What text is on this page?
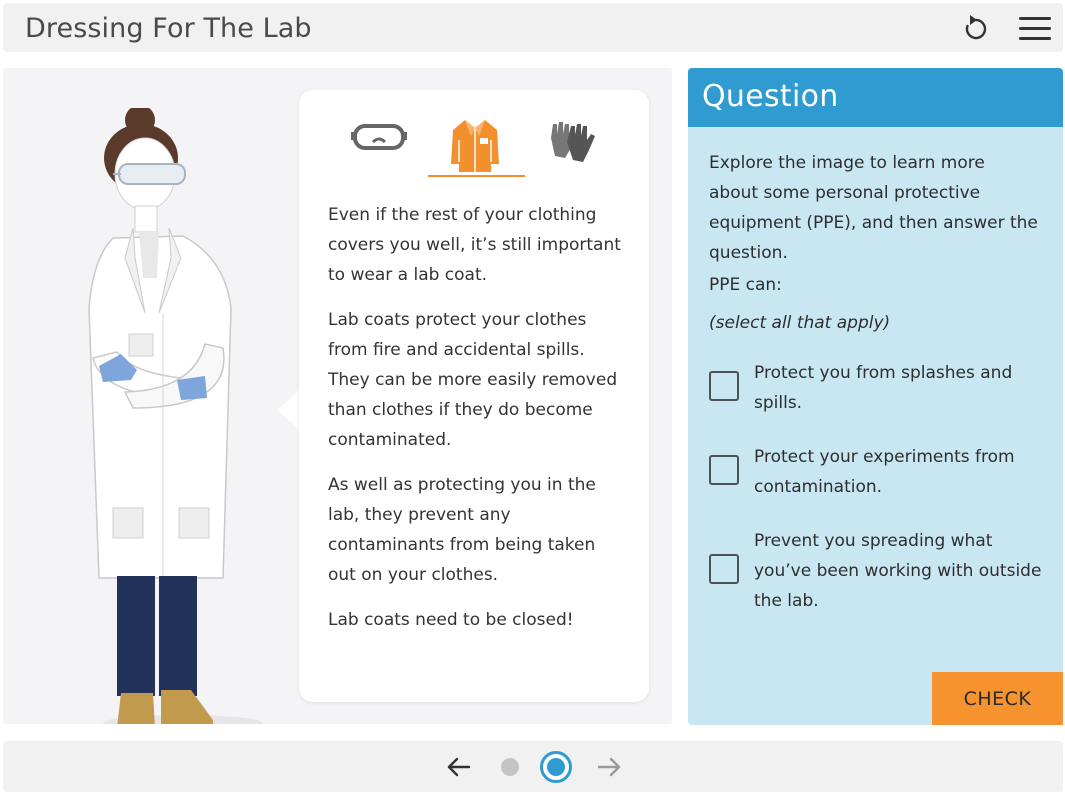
Dressing For The Lab

Even if the rest of your clothing covers you well, it’s still important to wear a lab coat.

Lab coats protect your clothes from fire and accidental spills. They can be more easily removed than clothes if they do become contaminated.

As well as protecting you in the lab, they prevent any contaminants from being taken out on your clothes.

Lab coats need to be closed!

Question
Explore the image to learn more about some personal protective equipment (PPE), and then answer the question.
PPE can:
(select all that apply)
Protect you from splashes and spills.
Protect your experiments from contamination.
Prevent you spreading what you’ve been working with outside the lab.
CHECK
